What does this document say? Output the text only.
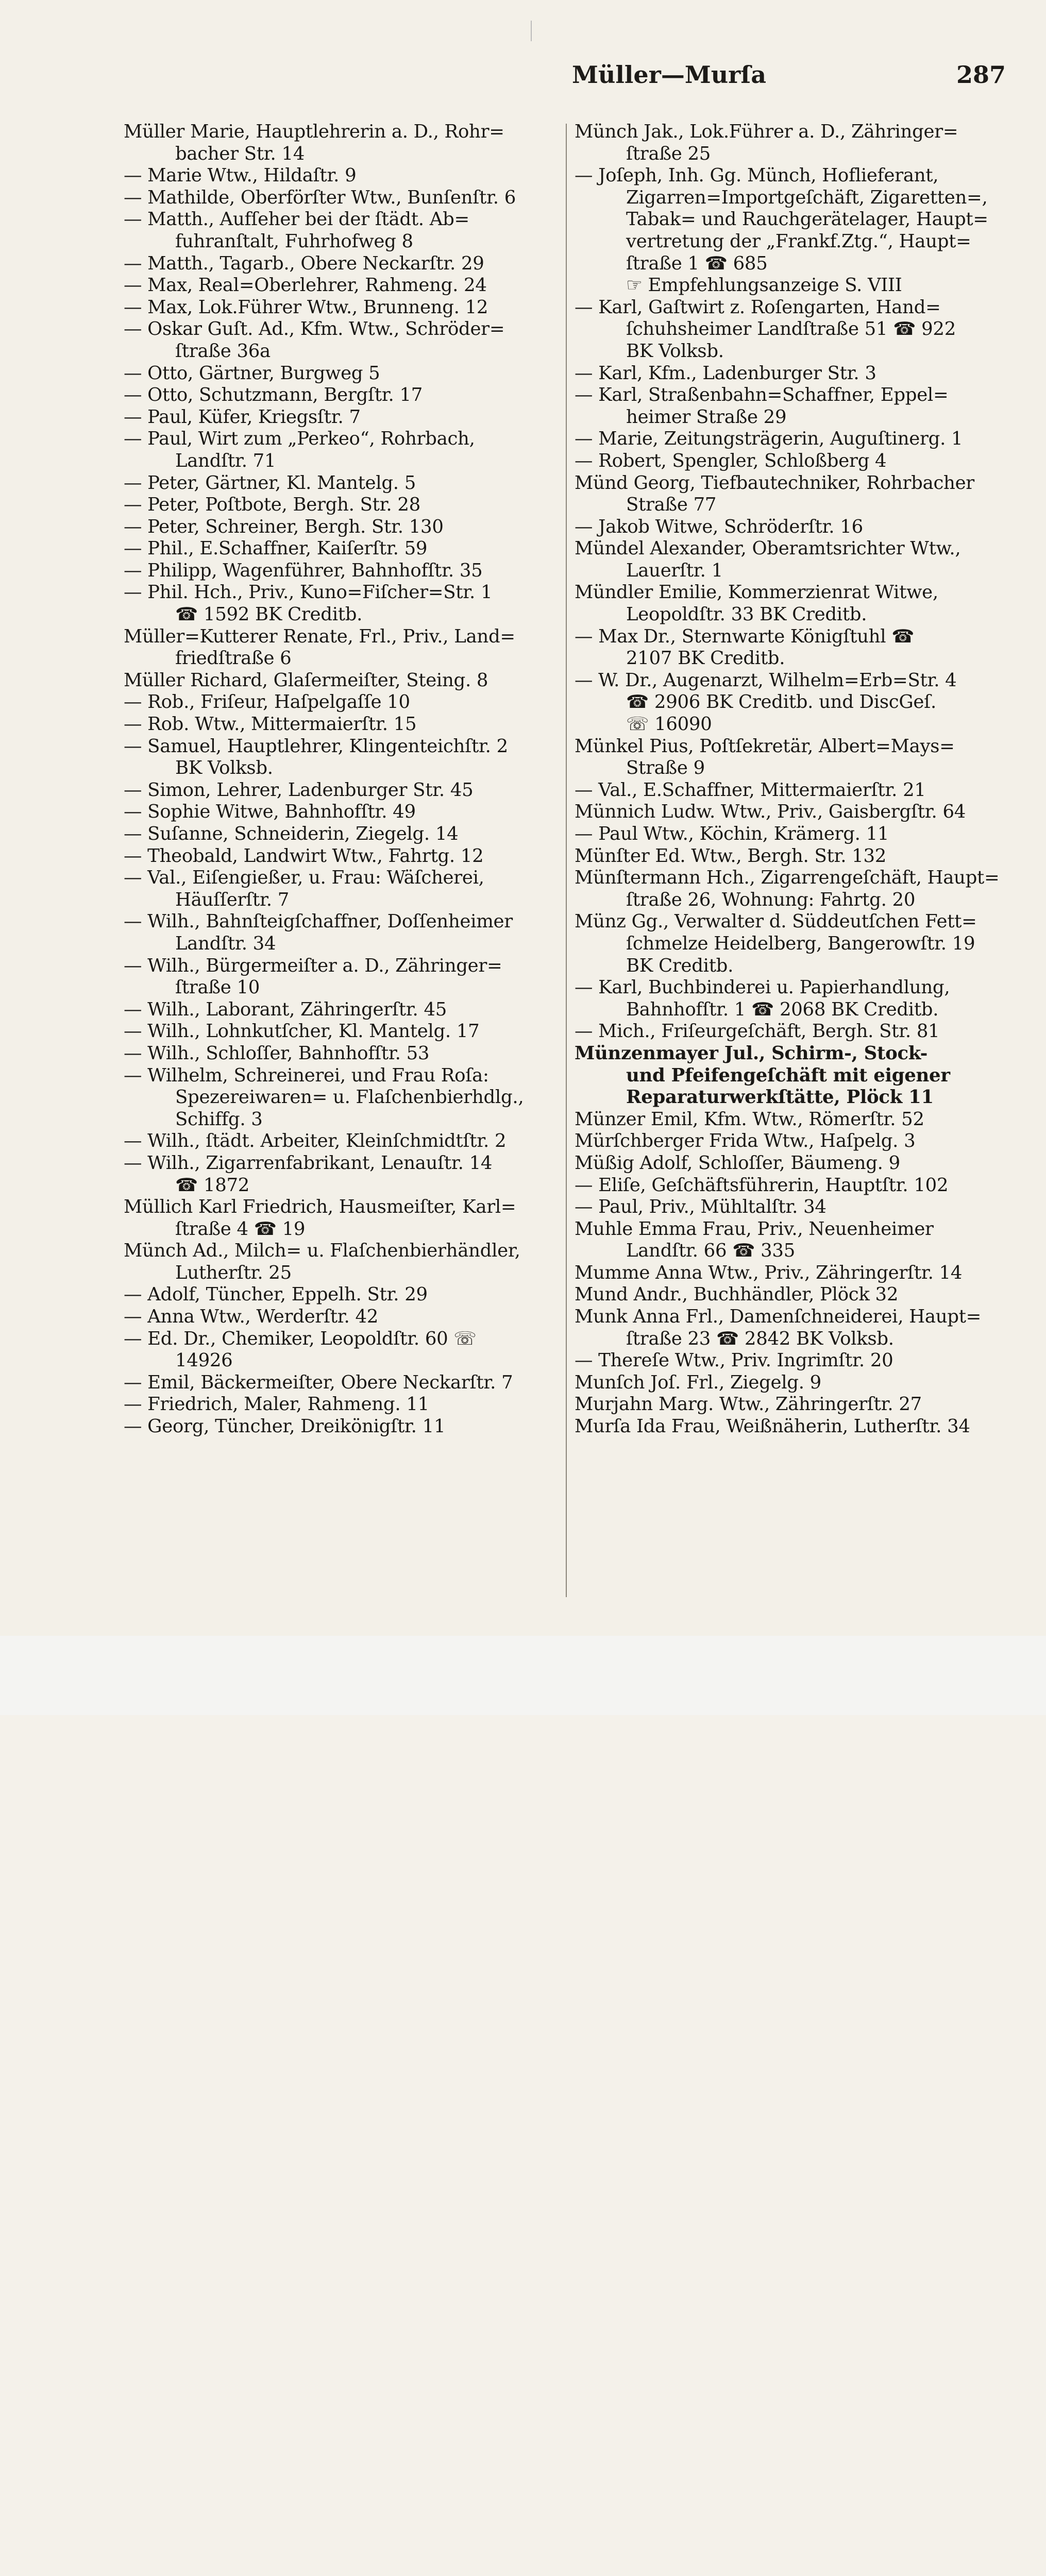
Müller—Murſa	287
Müller Marie, Hauptlehrerin a. D., Rohr=
bacher Str. 14
— Marie Wtw., Hildaſtr. 9
— Mathilde, Oberförſter Wtw., Bunſenſtr. 6
— Matth., Aufſeher bei der ſtädt. Ab=
fuhranſtalt, Fuhrhofweg 8
— Matth., Tagarb., Obere Neckarſtr. 29
— Max, Real=Oberlehrer, Rahmeng. 24
— Max, Lok.Führer Wtw., Brunneng. 12
— Oskar Guſt. Ad., Kfm. Wtw., Schröder=
ſtraße 36a
— Otto, Gärtner, Burgweg 5
— Otto, Schutzmann, Bergſtr. 17
— Paul, Küfer, Kriegsſtr. 7
— Paul, Wirt zum „Perkeo“, Rohrbach,
Landſtr. 71
— Peter, Gärtner, Kl. Mantelg. 5
— Peter, Poſtbote, Bergh. Str. 28
— Peter, Schreiner, Bergh. Str. 130
— Phil., E.Schaffner, Kaiſerſtr. 59
— Philipp, Wagenführer, Bahnhofſtr. 35
— Phil. Hch., Priv., Kuno=Fiſcher=Str. 1
☎ 1592 BK Creditb.
Müller=Kutterer Renate, Frl., Priv., Land=
friedſtraße 6
Müller Richard, Glaſermeiſter, Steing. 8
— Rob., Friſeur, Haſpelgaſſe 10
— Rob. Wtw., Mittermaierſtr. 15
— Samuel, Hauptlehrer, Klingenteichſtr. 2
BK Volksb.
— Simon, Lehrer, Ladenburger Str. 45
— Sophie Witwe, Bahnhofſtr. 49
— Suſanne, Schneiderin, Ziegelg. 14
— Theobald, Landwirt Wtw., Fahrtg. 12
— Val., Eiſengießer, u. Frau: Wäſcherei,
Häuſſerſtr. 7
— Wilh., Bahnſteigſchaffner, Doſſenheimer
Landſtr. 34
— Wilh., Bürgermeiſter a. D., Zähringer=
ſtraße 10
— Wilh., Laborant, Zähringerſtr. 45
— Wilh., Lohnkutſcher, Kl. Mantelg. 17
— Wilh., Schloſſer, Bahnhofſtr. 53
— Wilhelm, Schreinerei, und Frau Roſa:
Spezereiwaren= u. Flaſchenbierhdlg.,
Schiffg. 3
— Wilh., ſtädt. Arbeiter, Kleinſchmidtſtr. 2
— Wilh., Zigarrenfabrikant, Lenauſtr. 14
☎ 1872
Müllich Karl Friedrich, Hausmeiſter, Karl=
ſtraße 4 ☎ 19
Münch Ad., Milch= u. Flaſchenbierhändler,
Lutherſtr. 25
— Adolf, Tüncher, Eppelh. Str. 29
— Anna Wtw., Werderſtr. 42
— Ed. Dr., Chemiker, Leopoldſtr. 60 ☏
14926
— Emil, Bäckermeiſter, Obere Neckarſtr. 7
— Friedrich, Maler, Rahmeng. 11
— Georg, Tüncher, Dreikönigſtr. 11
Münch Jak., Lok.Führer a. D., Zähringer=
ſtraße 25
— Joſeph, Inh. Gg. Münch, Hoflieferant,
Zigarren=Importgeſchäft, Zigaretten=,
Tabak= und Rauchgerätelager, Haupt=
vertretung der „Frankf.Ztg.“, Haupt=
ſtraße 1 ☎ 685
☞ Empfehlungsanzeige S. VIII
— Karl, Gaſtwirt z. Roſengarten, Hand=
ſchuhsheimer Landſtraße 51 ☎ 922
BK Volksb.
— Karl, Kfm., Ladenburger Str. 3
— Karl, Straßenbahn=Schaffner, Eppel=
heimer Straße 29
— Marie, Zeitungsträgerin, Auguſtinerg. 1
— Robert, Spengler, Schloßberg 4
Münd Georg, Tiefbautechniker, Rohrbacher
Straße 77
— Jakob Witwe, Schröderſtr. 16
Mündel Alexander, Oberamtsrichter Wtw.,
Lauerſtr. 1
Mündler Emilie, Kommerzienrat Witwe,
Leopoldſtr. 33 BK Creditb.
— Max Dr., Sternwarte Königſtuhl ☎
2107 BK Creditb.
— W. Dr., Augenarzt, Wilhelm=Erb=Str. 4
☎ 2906 BK Creditb. und DiscGeſ.
☏ 16090
Münkel Pius, Poſtſekretär, Albert=Mays=
Straße 9
— Val., E.Schaffner, Mittermaierſtr. 21
Münnich Ludw. Wtw., Priv., Gaisbergſtr. 64
— Paul Wtw., Köchin, Krämerg. 11
Münſter Ed. Wtw., Bergh. Str. 132
Münſtermann Hch., Zigarrengeſchäft, Haupt=
ſtraße 26, Wohnung: Fahrtg. 20
Münz Gg., Verwalter d. Süddeutſchen Fett=
ſchmelze Heidelberg, Bangerowſtr. 19
BK Creditb.
— Karl, Buchbinderei u. Papierhandlung,
Bahnhofſtr. 1 ☎ 2068 BK Creditb.
— Mich., Friſeurgeſchäft, Bergh. Str. 81
Münzenmayer Jul., Schirm-, Stock-
und Pfeifengeſchäft mit eigener
Reparaturwerkſtätte, Plöck 11
Münzer Emil, Kfm. Wtw., Römerſtr. 52
Mürſchberger Frida Wtw., Haſpelg. 3
Müßig Adolf, Schloſſer, Bäumeng. 9
— Eliſe, Geſchäftsführerin, Hauptſtr. 102
— Paul, Priv., Mühltalſtr. 34
Muhle Emma Frau, Priv., Neuenheimer
Landſtr. 66 ☎ 335
Mumme Anna Wtw., Priv., Zähringerſtr. 14
Mund Andr., Buchhändler, Plöck 32
Munk Anna Frl., Damenſchneiderei, Haupt=
ſtraße 23 ☎ 2842 BK Volksb.
— Thereſe Wtw., Priv. Ingrimſtr. 20
Munſch Joſ. Frl., Ziegelg. 9
Murjahn Marg. Wtw., Zähringerſtr. 27
Murſa Ida Frau, Weißnäherin, Lutherſtr. 34
